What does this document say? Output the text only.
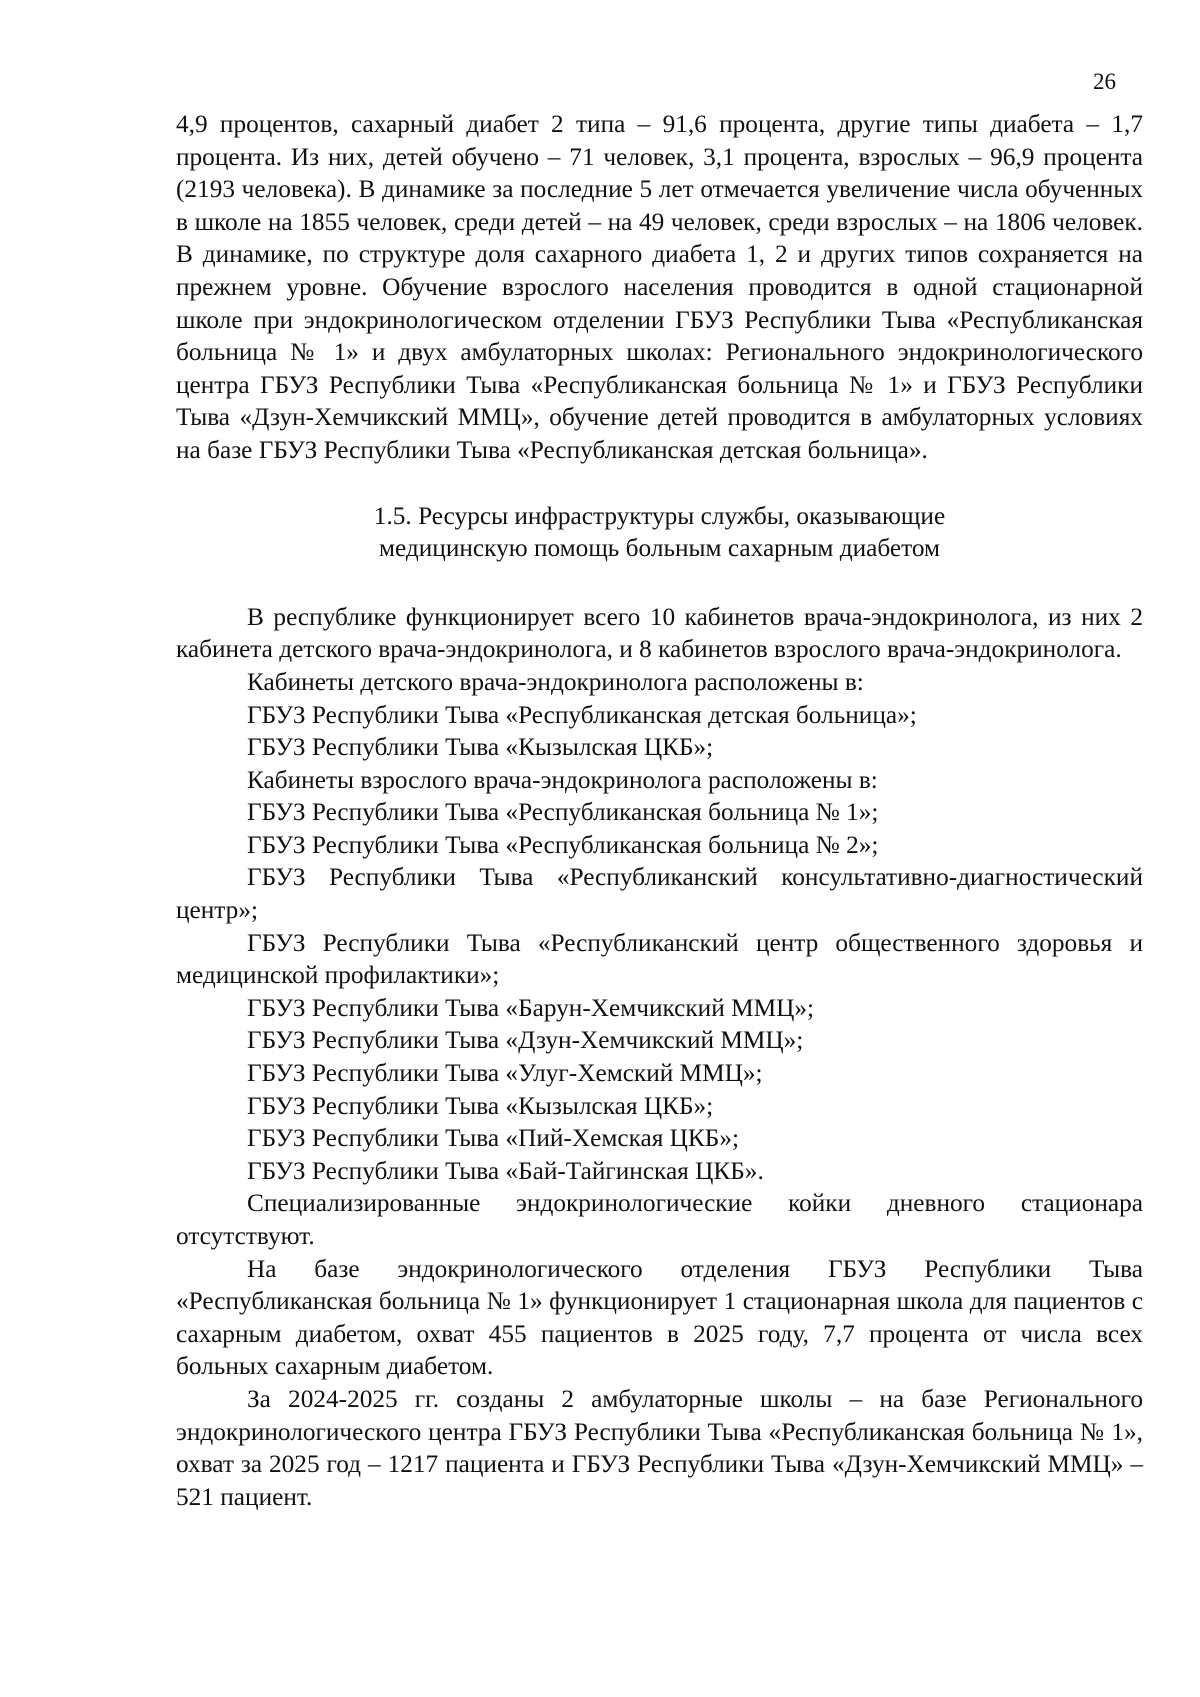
26

4,9 процентов, сахарный диабет 2 типа – 91,6 процента, другие типы диабета – 1,7 процента. Из них, детей обучено – 71 человек, 3,1 процента, взрослых – 96,9 процента (2193 человека). В динамике за последние 5 лет отмечается увеличение числа обученных в школе на 1855 человек, среди детей – на 49 человек, среди взрослых – на 1806 человек. В динамике, по структуре доля сахарного диабета 1, 2 и других типов сохраняется на прежнем уровне. Обучение взрослого населения проводится в одной стационарной школе при эндокринологическом отделении ГБУЗ Республики Тыва «Республиканская больница № 1» и двух амбулаторных школах: Регионального эндокринологического центра ГБУЗ Республики Тыва «Республиканская больница № 1» и ГБУЗ Республики Тыва «Дзун-Хемчикский ММЦ», обучение детей проводится в амбулаторных условиях на базе ГБУЗ Республики Тыва «Республиканская детская больница».

1.5. Ресурсы инфраструктуры службы, оказывающие
медицинскую помощь больным сахарным диабетом

В республике функционирует всего 10 кабинетов врача-эндокринолога, из них 2 кабинета детского врача-эндокринолога, и 8 кабинетов взрослого врача-эндокринолога.

Кабинеты детского врача-эндокринолога расположены в:

ГБУЗ Республики Тыва «Республиканская детская больница»;

ГБУЗ Республики Тыва «Кызылская ЦКБ»;

Кабинеты взрослого врача-эндокринолога расположены в:

ГБУЗ Республики Тыва «Республиканская больница № 1»;

ГБУЗ Республики Тыва «Республиканская больница № 2»;

ГБУЗ Республики Тыва «Республиканский консультативно-диагностический центр»;

ГБУЗ Республики Тыва «Республиканский центр общественного здоровья и медицинской профилактики»;

ГБУЗ Республики Тыва «Барун-Хемчикский ММЦ»;

ГБУЗ Республики Тыва «Дзун-Хемчикский ММЦ»;

ГБУЗ Республики Тыва «Улуг-Хемский ММЦ»;

ГБУЗ Республики Тыва «Кызылская ЦКБ»;

ГБУЗ Республики Тыва «Пий-Хемская ЦКБ»;

ГБУЗ Республики Тыва «Бай-Тайгинская ЦКБ».

Специализированные эндокринологические койки дневного стационара отсутствуют.

На базе эндокринологического отделения ГБУЗ Республики Тыва «Республиканская больница № 1» функционирует 1 стационарная школа для пациентов с сахарным диабетом, охват 455 пациентов в 2025 году, 7,7 процента от числа всех больных сахарным диабетом.

За 2024-2025 гг. созданы 2 амбулаторные школы – на базе Регионального эндокринологического центра ГБУЗ Республики Тыва «Республиканская больница № 1», охват за 2025 год – 1217 пациента и ГБУЗ Республики Тыва «Дзун-Хемчикский ММЦ» – 521 пациент.
